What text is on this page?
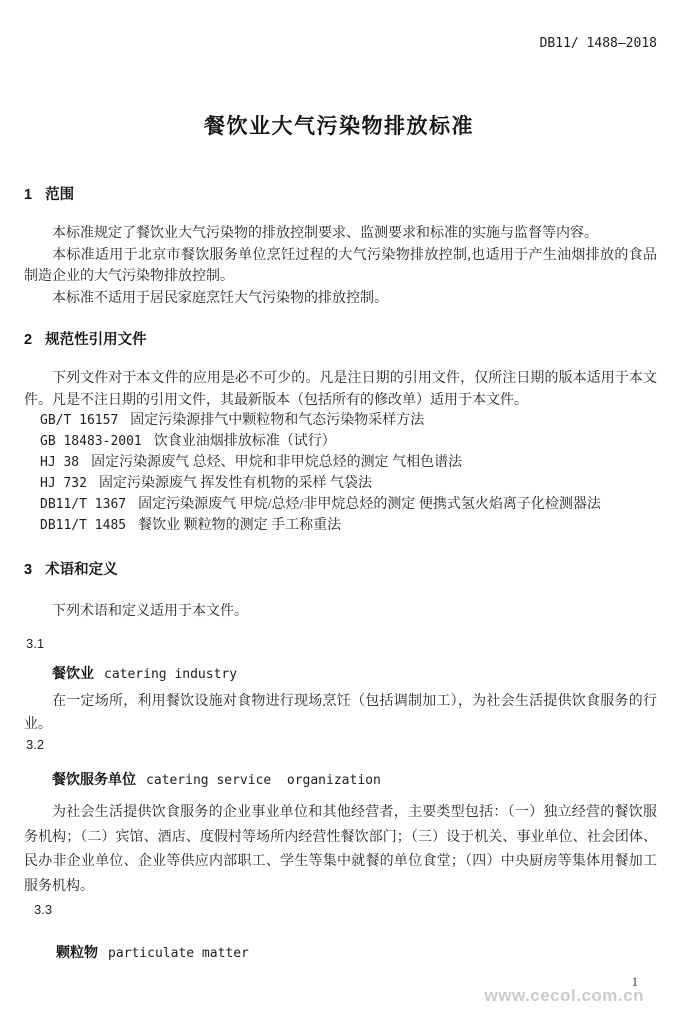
DB11/ 1488—2018
餐饮业大气污染物排放标准
1 范围

本标准规定了餐饮业大气污染物的排放控制要求、监测要求和标准的实施与监督等内容。

本标准适用于北京市餐饮服务单位烹饪过程的大气污染物排放控制,也适用于产生油烟排放的食品制造企业的大气污染物排放控制。

本标准不适用于居民家庭烹饪大气污染物的排放控制。

2 规范性引用文件

下列文件对于本文件的应用是必不可少的。凡是注日期的引用文件，仅所注日期的版本适用于本文件。凡是不注日期的引用文件，其最新版本（包括所有的修改单）适用于本文件。

GB/T 16157 固定污染源排气中颗粒物和气态污染物采样方法
GB 18483-2001 饮食业油烟排放标准（试行）
HJ 38 固定污染源废气 总烃、甲烷和非甲烷总烃的测定 气相色谱法
HJ 732 固定污染源废气 挥发性有机物的采样 气袋法
DB11/T 1367 固定污染源废气 甲烷/总烃/非甲烷总烃的测定 便携式氢火焰离子化检测器法
DB11/T 1485 餐饮业 颗粒物的测定 手工称重法
3 术语和定义

下列术语和定义适用于本文件。

3.1
餐饮业 catering industry

在一定场所，利用餐饮设施对食物进行现场烹饪（包括调制加工），为社会生活提供饮食服务的行业。

3.2
餐饮服务单位 catering service  organization

为社会生活提供饮食服务的企业事业单位和其他经营者，主要类型包括：（一）独立经营的餐饮服务机构；（二）宾馆、酒店、度假村等场所内经营性餐饮部门；（三）设于机关、事业单位、社会团体、民办非企业单位、企业等供应内部职工、学生等集中就餐的单位食堂；（四）中央厨房等集体用餐加工服务机构。

3.3
颗粒物 particulate matter
1
www.cecol.com.cn
